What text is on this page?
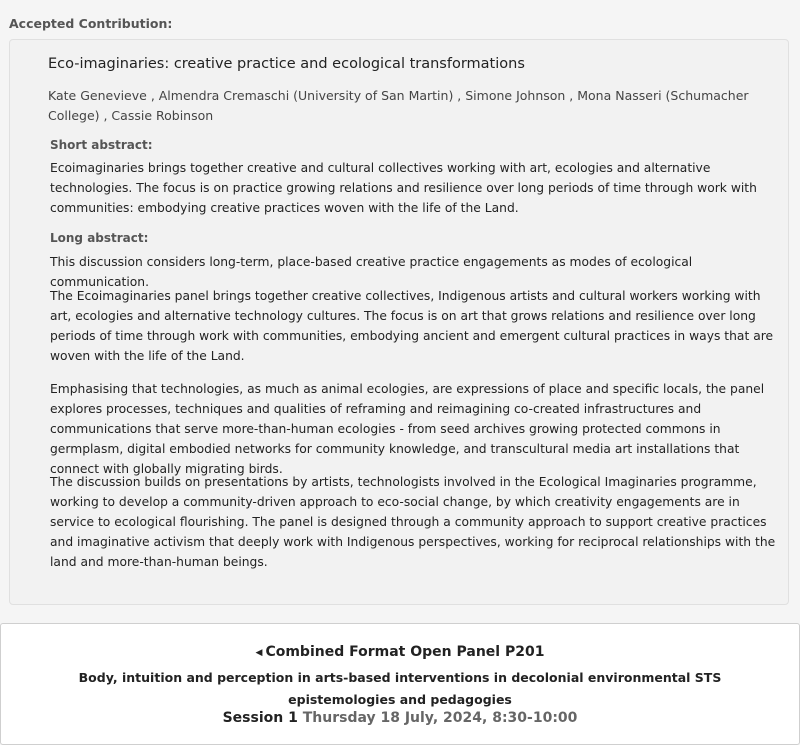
Accepted Contribution:
Eco-imaginaries: creative practice and ecological transformations
Kate Genevieve , Almendra Cremaschi (University of San Martin) , Simone Johnson , Mona Nasseri (Schumacher College) , Cassie Robinson
Short abstract:

Ecoimaginaries brings together creative and cultural collectives working with art, ecologies and alternative technologies. The focus is on practice growing relations and resilience over long periods of time through work with communities: embodying creative practices woven with the life of the Land.

Long abstract:

This discussion considers long-term, place-based creative practice engagements as modes of ecological communication.

The Ecoimaginaries panel brings together creative collectives, Indigenous artists and cultural workers working with art, ecologies and alternative technology cultures. The focus is on art that grows relations and resilience over long periods of time through work with communities, embodying ancient and emergent cultural practices in ways that are woven with the life of the Land.

Emphasising that technologies, as much as animal ecologies, are expressions of place and specific locals, the panel explores processes, techniques and qualities of reframing and reimagining co-created infrastructures and communications that serve more-than-human ecologies - from seed archives growing protected commons in germplasm, digital embodied networks for community knowledge, and transcultural media art installations that connect with globally migrating birds.

The discussion builds on presentations by artists, technologists involved in the Ecological Imaginaries programme, working to develop a community-driven approach to eco-social change, by which creativity engagements are in service to ecological flourishing. The panel is designed through a community approach to support creative practices and imaginative activism that deeply work with Indigenous perspectives, working for reciprocal relationships with the land and more-than-human beings.

◀ Combined Format Open Panel P201
Body, intuition and perception in arts-based interventions in decolonial environmental STS epistemologies and pedagogies
Session 1 Thursday 18 July, 2024, 8:30-10:00
